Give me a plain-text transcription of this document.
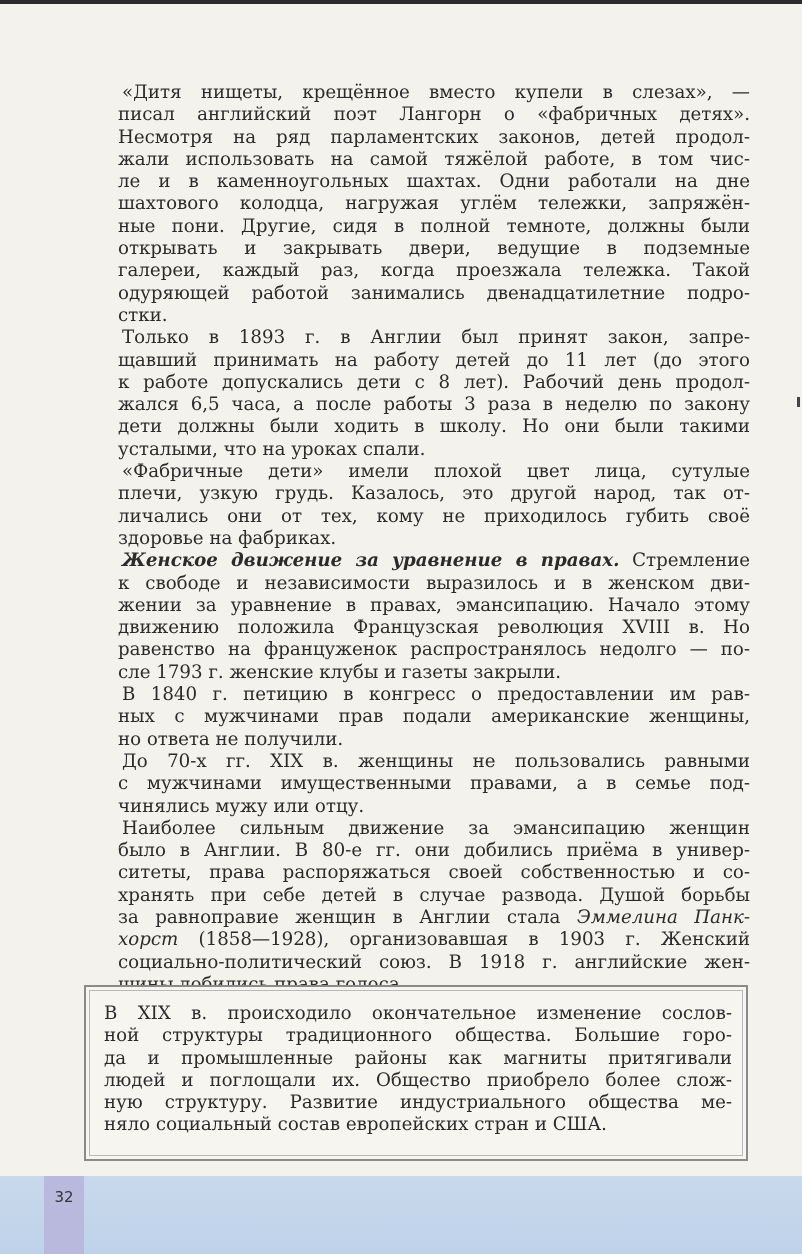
«Дитя нищеты, крещённое вместо купели в слезах», —
писал английский поэт Лангорн о «фабричных детях».
Несмотря на ряд парламентских законов, детей продол-
жали использовать на самой тяжёлой работе, в том чис-
ле и в каменноугольных шахтах. Одни работали на дне
шахтового колодца, нагружая углём тележки, запряжён-
ные пони. Другие, сидя в полной темноте, должны были
открывать и закрывать двери, ведущие в подземные
галереи, каждый раз, когда проезжала тележка. Такой
одуряющей работой занимались двенадцатилетние подро-
стки.
Только в 1893 г. в Англии был принят закон, запре-
щавший принимать на работу детей до 11 лет (до этого
к работе допускались дети с 8 лет). Рабочий день продол-
жался 6,5 часа, а после работы 3 раза в неделю по закону
дети должны были ходить в школу. Но они были такими
усталыми, что на уроках спали.
«Фабричные дети» имели плохой цвет лица, сутулые
плечи, узкую грудь. Казалось, это другой народ, так от-
личались они от тех, кому не приходилось губить своё
здоровье на фабриках.
Женское движение за уравнение в правах. Стремление
к свободе и независимости выразилось и в женском дви-
жении за уравнение в правах, эмансипацию. Начало этому
движению положила Французская революция XVIII в. Но
равенство на француженок распространялось недолго — по-
сле 1793 г. женские клубы и газеты закрыли.
В 1840 г. петицию в конгресс о предоставлении им рав-
ных с мужчинами прав подали американские женщины,
но ответа не получили.
До 70-х гг. XIX в. женщины не пользовались равными
с мужчинами имущественными правами, а в семье под-
чинялись мужу или отцу.
Наиболее сильным движение за эмансипацию женщин
было в Англии. В 80-е гг. они добились приёма в универ-
ситеты, права распоряжаться своей собственностью и со-
хранять при себе детей в случае развода. Душой борьбы
за равноправие женщин в Англии стала Эммелина Панк-
хорст (1858—1928), организовавшая в 1903 г. Женский
социально-политический союз. В 1918 г. английские жен-
В XIX в. происходило окончательное изменение сослов-
ной структуры традиционного общества. Большие горо-
да и промышленные районы как магниты притягивали
людей и поглощали их. Общество приобрело более слож-
ную структуру. Развитие индустриального общества ме-
няло социальный состав европейских стран и США.
32
